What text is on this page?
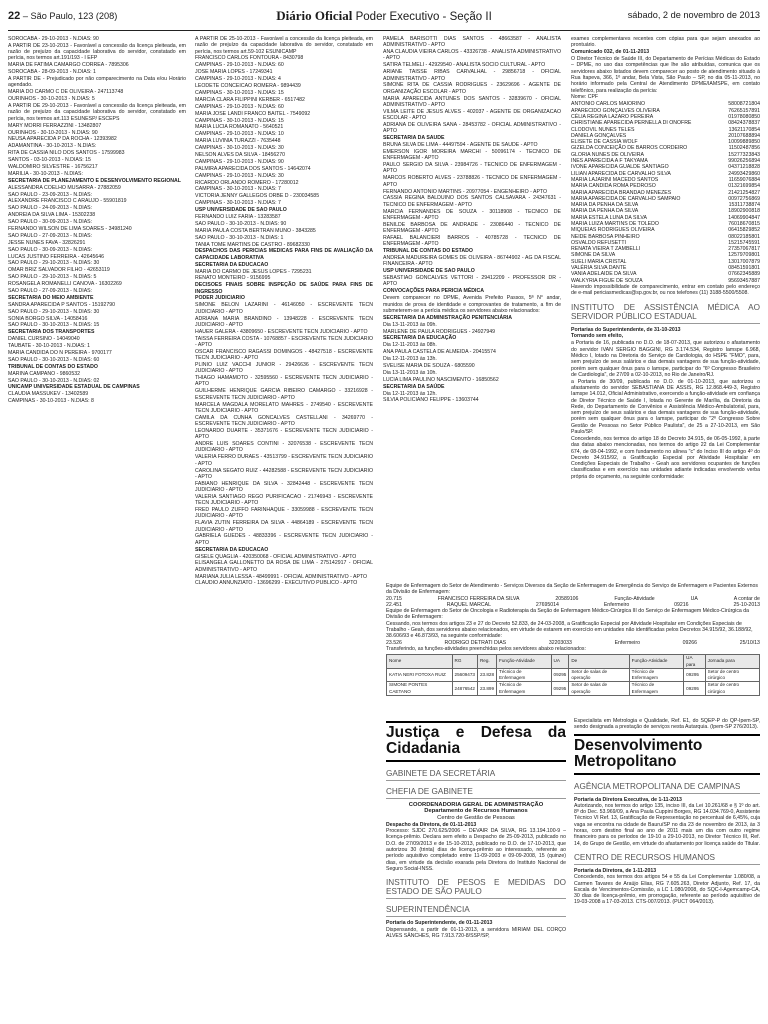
22 – São Paulo, 123 (208)	Diário Oficial Poder Executivo - Seção II	sábado, 2 de novembro de 2013

SOROCABA - 29-10-2013 - N.DIAS: 90

A PARTIR DE 23-10-2013 - Favorável a concessão da licença pleiteada, em razão de prejuízo da capacidade laborativa do servidor, constatado em perícia, nos termos art.191/193 - I EFP

MARIA DE FATIMA CAMARGO CORREA - 7895306

SOROCABA - 28-09-2013 - N.DIAS: 1

A PARTIR DE - Prejudicado por não comparecimento na Data e/ou Horário agendado.

MARIA DO CARMO C DE OLIVEIRA - 247113748

OURINHOS - 30-10-2013 - N.DIAS: 5

A PARTIR DE 29-10-2013 - Favorável a concessão da licença pleiteada, em razão de prejuízo da capacidade laborativa do servidor, constatado em perícia, nos termos art.113 ESUNESP/ ESCEPS

MARY MORRI FERRAZZINI - 13482807

OURINHOS - 30-10-2013 - N.DIAS: 90

NEUSA APARECIDA P DA ROCHA - 12393982

ADAMANTINA - 30-10-2013 - N.DIAS:

RITA DE CASSIA NILO DOS SANTOS - 17599983

SANTOS - 03-10-2013 - N.DIAS: 15

WALDOMIRO SILVESTRE - 16756217

MARILIA - 30-10-2013 - N.DIAS:

SECRETARIA DE PLANEJAMENTO E DESENVOLVIMENTO REGIONAL

ALESSANDRA COELHO MUSARRA - 27882059

SAO PAULO - 23-09-2013 - N.DIAS:

ALEXANDRE FRANCISCO C ARAUJO - 55901819

SAO PAULO - 24-09-2013 - N.DIAS:

ANDREIA DA SILVA LIMA - 15302238

SAO PAULO - 30-09-2013 - N.DIAS:

FERNANDO WILSON DE LIMA SOARES - 34981240

SAO PAULO - 27-09-2013 - N.DIAS:

JESSE NUNES FAVA - 32826291

SAO PAULO - 30-09-2013 - N.DIAS:

LUCAS JUSTINO FERREIRA - 42645646

SAO PAULO - 29-10-2013 - N.DIAS: 30

OMAR BRIZ SALVADOR FILHO - 42653119

SAO PAULO - 29-10-2013 - N.DIAS: 5

ROSANGELA ROMANELLI CANOVA - 16302269

SAO PAULO - 27-09-2013 - N.DIAS:

SECRETARIA DO MEIO AMBIENTE

SANDRA APARECIDA P SANTOS - 15192790

SAO PAULO - 29-10-2013 - N.DIAS: 30

SONIA BORGO SILVA - 14058416

SAO PAULO - 30-10-2013 - N.DIAS: 15

SECRETARIA DOS TRANSPORTES

DANIEL CURSINO - 14049040

TAUBATE - 30-10-2013 - N.DIAS: 1

MARIA CANDIDA DO N PEREIRA - 9700177

SAO PAULO - 30-10-2013 - N.DIAS: 60

TRIBUNAL DE CONTAS DO ESTADO

MARINA CAMPANO - 9860532

SAO PAULO - 30-10-2013 - N.DIAS: 02

UNICAMP UNIVERSIDADE ESTADUAL DE CAMPINAS

CLAUDIA MASSUKEV - 13402589

CAMPINAS - 30-10-2013 - N.DIAS: 8

A PARTIR DE 25-10-2013 - Favorável a concessão da licença pleiteada, em razão de prejuízo da capacidade laborativa do servidor, constatado em perícia, nos termos art.59-102 ESUNICAMP

FRANCISCO CARLOS FONTOURA - 8430798

CAMPINAS - 29-10-2013 - N.DIAS: 60

JOSE MARIA LOPES - 17249341

CAMPINAS - 29-10-2013 - N.DIAS: 4

LEODETE CONCEICAO ROMERA - 9894439

CAMPINAS - 30-10-2013 - N.DIAS: 15

MARCIA CLARA FILIPPINI KERBER - 6517482

CAMPINAS - 29-10-2013 - N.DIAS: 60

MARIA JOSE LANDI FRANCO BAITEL - 7549092

CAMPINAS - 30-10-2013 - N.DIAS: 15

MARIA LUCIA ROMANATO - 5640521

CAMPINAS - 29-10-2013 - N.DIAS: 10

MARIA LUVINIA TURAZZI - 7635448

CAMPINAS - 30-10-2013 - N.DIAS: 30

NELSON ALVES DA SILVA - 18456270

CAMPINAS - 29-10-2013 - N.DIAS: 90

PALMIRA APARECIDA DOS SANTOS - 14642074

CAMPINAS - 29-10-2013 - N.DIAS: 30

RICARDO ORLANDO ROMERO - 17280012

CAMPINAS - 30-10-2013 - N.DIAS: 7

VICTORIA JENNY GALLEGOS ORBE D - 230034585

CAMPINAS - 30-10-2013 - N.DIAS: 7

USP UNIVERSIDADE DE SAO PAULO

FERNANDO LUIZ FARIA - 13283587

SAO PAULO - 30-10-2013 - N.DIAS: 90

MARIA PAULA COSTA BERTRAN MUNO - 3843285

SAO PAULO - 30-10-2013 - N.DIAS: 1

TANIA TOME MARTINS DE CASTRO - 89682330

DESPACHOS DAS PERICIAS MEDICAS PARA FINS DE AVALIAÇÃO DA CAPACIDADE LABORATIVA

SECRETARIA DA EDUCACAO

MARIA DO CARMO DE JESUS LOPES - 7295231

RENATO MONTEIRO - 9156995

DECISOES FINAIS SOBRE INSPEÇÃO DE SAÚDE PARA FINS DE INGRESSO

PODER JUDICIARIO

SIMONE BELON LAZARINI - 46146050 - ESCREVENTE TECN JUDICIARIO - APTO

ADRIANA MARIA BRANDINO - 13948228 - ESCREVENTE TECN JUDICIARIO - APTO

HAUER GALERA - 43809650 - ESCREVENTE TECN JUDICIARIO - APTO

TAISSA FERREIRA COSTA - 10768857 - ESCREVENTE TECN JUDICIARIO - APTO

OSCAR FRANCISCO RAGASSI DOMINGOS - 48427518 - ESCREVENTE TECN JUDICIARIO - APTO

PLINIO LUIZ VACCHI JUNIOR - 29426636 - ESCREVENTE TECN JUDICIARIO - APTO

THIAGO HAMAMOTO - 32595560 - ESCREVENTE TECN JUDICIARIO - APTO

GUILHERME HENRIQUE GARCIA RIBEIRO CAMARGO - 33216928 - ESCREVENTE TECN JUDICIARIO - APTO

MARCELA MAGDALA MORELATO MAHRES - 2749540 - ESCREVENTE TECN JUDICIARIO - APTO

CAMILA DA CUNHA GONCALVES CASTELLANI - 34269770 - ESCREVENTE TECN JUDICIARIO - APTO

LEONARDO DUARTE - 35371676 - ESCREVENTE TECN JUDICIARIO - APTO

ANDRE LUIS SOARES CONTINI - 32076538 - ESCREVENTE TECN JUDICIARIO - APTO

VALERIA FERRO DURAES - 43513799 - ESCREVENTE TECN JUDICIARIO - APTO

CAROLINA SEGATO RUIZ - 44282588 - ESCREVENTE TECN JUDICIARIO - APTO

FABIANO HENRIQUE DA SILVA - 32842448 - ESCREVENTE TECN JUDICIARIO - APTO

VALERIA SANTIAGO REGO PURIFICACAO - 21746943 - ESCREVENTE TECN JUDICIARIO - APTO

FRED PAULO ZUFFO FARINHAQUE - 33059988 - ESCREVENTE TECN JUDICIARIO - APTO

FLAVIA ZUTIN FERREIRA DA SILVA - 44864189 - ESCREVENTE TECN JUDICIARIO - APTO

GABRIELA GUEDES - 48833396 - ESCREVENTE TECN JUDICIARIO - APTO

SECRETARIA DA EDUCACAO

GISELE QUAGLIA - 420350068 - OFICIAL ADMINISTRATIVO - APTO

ELISANGELA GALLONETTO DA ROSA DE LIMA - 275142917 - OFICIAL ADMINISTRATIVO - APTO

MARIANA JULIA LESSA - 48499991 - OFICIAL ADMINISTRATIVO - APTO

CLAUDIO ANNUNZIATO - 13696299 - EXECUTIVO PUBLICO - APTO

PAMELA BARISOTTI DIAS SANTOS - 48663587 - ANALISTA ADMINISTRATIVO - APTO

ANA CLAUDIA VIEIRA CARLOS - 43326738 - ANALISTA ADMINISTRATIVO - APTO

SATIRA TELMELI - 42929540 - ANALISTA SOCIO CULTURAL - APTO

ARIANE TAISSE RIBAS CARVALHAL - 29856718 - OFICIAL ADMINISTRATIVO - APTO

SIMONE RITA DE CASSIA RODRIGUES - 23629696 - AGENTE DE ORGANIZAÇÃO ESCOLAR - APTO

MARIA APARECIDA ANTUNES DOS SANTOS - 32839670 - OFICIAL ADMINISTRATIVO - APTO

VILMA LEITE DE JESUS ALVES - 402037 - AGENTE DE ORGANIZACAO ESCOLAR - APTO

ADRIANA DE OLIVEIRA SANA - 28453782 - OFICIAL ADMINISTRATIVO - APTO

SECRETARIA DA SAUDE

BRUNA SILVA DE LIMA - 44497594 - AGENTE DE SAUDE - APTO

EMERSON IGOR MOREIRA MARCHI - 50096174 - TECNICO DE ENFERMAGEM - APTO

PAULO SERGIO DA SILVA - 23984726 - TECNICO DE ENFERMAGEM - APTO

MARCOS ROBERTO ALVES - 23788826 - TECNICO DE ENFERMAGEM - APTO

FERNANDO ANTONIO MARTINS - 20977054 - ENGENHEIRO - APTO

CASSIA REGINA BALDUINO DOS SANTOS CALSAVARA - 24347631 - TECNICO DE ENFERMAGEM - APTO

MARCIA FERNANDES DE SOUZA - 30118908 - TECNICO DE ENFERMAGEM - APTO

BENILDE BARBOSA DE ANDRADE - 23086440 - TECNICO DE ENFERMAGEM - APTO

RAFAEL BALANCIERI BARROS - 40785728 - TECNICO DE ENFERMAGEM - APTO

TRIBUNAL DE CONTAS DO ESTADO

ANDREA MADUREIRA GOMES DE OLIVEIRA - 86744902 - AG DA FISCAL FINANCEIRA - APTO

USP UNIVERSIDADE DE SAO PAULO

SEBASTIAO GONCALVES VETTORI - 29412209 - PROFESSOR DR - APTO

CONVOCAÇÕES PARA PERICIA MÉDICA

Devem comparecer no DPME, Avenida Prefeito Passos, 5ª N° andar, munidos de prova de identidade e comprovantes de tratamento, a fim de submeterem-se a perícia médica os servidores abaixo relacionados:

SECRETARIA DA ADMINISTRAÇÃO PENITENCIÁRIA

Dia 13-11-2013 às 09h.

MARLENE DE PAULA RODRIGUES - 24927949

SECRETARIA DA EDUCAÇÃO

Dia 12-11-2013 às 08h.

ANA PAULA CASTELA DE ALMEIDA - 20415574

Dia 12-11-2013 às 13h.

SVELISE MARIA DE SOUZA - 6805590

Dia 13-11-2013 às 10h.

LUCIA LIMA PAULINO NASCIMENTO - 16850562

SECRETARIA DA SAÚDE

Dia 12-11-2013 às 12h.

SILVIA POLICIANO FELIPPE - 13603744

exames complementares recentes com cópias para que sejam anexados ao prontuário.

Comunicado 032, de 01-11-2013

O Diretor Técnico de Saúde III, do Departamento de Perícias Médicas do Estado – DPME, no uso das competências que lhe são atribuídas, comunica que os servidores abaixo listados devem comparecer ao posto de atendimento situado à Rua Itapeva, 366, 1º andar, Bela Vista, São Paulo – SP, no dia 05-11-2013, no horário informado pela Central de Atendimento DPME/IAMSPE, em contato telefônico, para realização da perícia:

Nome: CPF

ANTONIO CARLOS MAIORINO	58008721804
APARECIDO GONÇALVES OLIVEIRA	76265157891
CÉLIA REGINA LAZARO PEREIRA	01978080850
CHRISTIANE APARECIDA PERNELLA DI ONOFRE	08424378837
CLODOVIL NUNES TELES	13621170854
DANIELA GONÇALVES	20107688894
ELISETE DE CASSIA WOLF	10099889850
GIZELDA CONCEIÇÃO DE BARROS CORDEIRO	11502487856
GLORIA NUNES DE OLIVEIRA	15277323843
INES APARECIDA A F TAKYAMA	99026256894
IVONE APARECIDA GUALDE SANTIAGO	04371218828
LILIAN APARECIDA DE CARVALHO SILVA	24993429860
MARIA LAJARINI MACEDO SANTOS	11659076884
MARIA CANDIDA ROMA PEDROSO	01321699854
MARIA APARECIDA BRANDAO MENEZES	21421254827
MARIA APARECIDA DE CARVALHO SAMPAIO	00972756869
MARIA DA PENHA DA SILVA	15311738874
MARIA DA PENHA DA SILVA	18902900818
MARIA ESTELA LUNA DA SILVA	14069904847
MARIA LUIZA MARTINS DE TOLEDO	76018670815
MIQUEIAS RODRIGUES OLIVEIRA	06415829852
NEIDE BARBOSA PINHEIRO	08022185801
OSVALDO REFUSETTI	15215745591
RENATA VIEIRA T ZAMBELLI	27357067817
SIMONE DA SILVA	12579709801
SUELI MARIA CRISTAL	13017007879
VALÉRIA SILVA DANTE	08451591801
VANIA ADELAIDE DA SILVA	07662345889
WALKYRIA FIGUE DE SOUZA	95693457887

Havendo impossibilidade de comparecimento, entrar em contato pelo endereço de e-mail periciasmedicas@sp.gov.br, ou nos telefones (11) 3188-5500/5508.

INSTITUTO DE ASSISTÊNCIA MÉDICA AO SERVIDOR PÚBLICO ESTADUAL

Portarias do Superintendente, de 31-10-2013

Tornando sem efeito,

a Portaria de 16, publicada no D.O. de 18-07-2013, que autorizou o afastamento do servidor IVAN SERGIO BAGGINI, RG 3.174.534, Registro Iamspe 6.968, Médico I, lotado na Diretoria do Serviço de Cardiologia, do HSPE "FMO", para, sem prejuízo de seus salários e das demais vantagens de sua função-atividade, porém sem qualquer ônus para o Iamspe, participar do "6º Congresso Brasileiro de Cardiologia", de 27/09 a 02-10-2013, no Rio de Janeiro/RJ.

a Portaria de 30/09, publicada no D.O. de 01-10-2013, que autorizou o afastamento do servidor SEBASTIANA DE ASSIS, RG 12.868.449-3, Registro Iamspe 14.012, Oficial Administrativo, exercendo a função-atividade em confiança de Diretor Técnico de Saúde I, lotada no Gerente de Marília, da Diretoria da Rede, do Departamento de Convênios e Assistência Médico-Ambulatorial, para, sem prejuízo de seus salários e das demais vantagens de sua função-atividade, porém sem qualquer ônus para o Iamspe, participar do "2º Congresso Sobre Gestão de Pessoas no Setor Público Paulista", de 25 a 27-10-2013, em São Paulo/SP.

Concedendo, nos termos do artigo 18 do Decreto 34.915, de 06-05-1992, à parte das datas abaixo mencionadas, nos termos do artigo 22 da Lei Complementar 674, de 08-04-1992, e com fundamento no alínea "c" do Inciso III do artigo 4º do Decreto 34.915/92, a Gratificação Especial por Atividade Hospitalar em Condições Especiais de Trabalho - Geah aos servidores ocupantes de funções classificadas e em exercício nas unidades adiante indicadas envolvendo verba própria do orçamento, na seguinte conformidade:

Equipe de Enfermagem do Setor de Atendimento - Serviços Diversos da Seção de Enfermagem de Emergência do Serviço de Enfermagem e Pacientes Externos da Divisão de Enfermagem:

20.715	FRANCISCO FERREIRA DA SILVA	20589106	Função-Atividade	UA	A contar de
22.451	RAQUEL MARCAL	27695014	Enfermeiro	09216	25-10-2013

Equipe de Enfermagem do Setor de Oncologia e Radioterapia da Seção de Enfermagem Médico-Cirúrgica III do Serviço de Enfermagem Médico-Cirúrgica da Divisão de Enfermagem:

Cessando, nos termos dos artigos 23 e 27 do Decreto 52.833, de 24-03-2008, a Gratificação Especial por Atividade Hospitalar em Condições Especiais de Trabalho - Geah, dos servidores abaixo relacionados, em virtude de estarem em exercício em unidades não identificadas pelos Decretos 34.915/92, 36.188/92, 38.606/93 e 46.873/93, na seguinte conformidade:

23.526	RODRIGO DETRATI DIAS	32203033	Enfermeiro	09266	25/10/13

Transferindo, as funções-atividades preenchidas pelos servidores abaixo relacionados:

Nome	RG	Reg.	Função-Atividade	UA	De	Função-Atividade	UA para	Jornada para
KATIA NERI FOTOXA RUIZ	25609473	23.828	Técnico de Enfermagem	09295	Setor de salas de operação	Técnico de Enfermagem	09295	Setor de centro cirúrgico
SIMONE PONTES CAETANO	24876542	23.899	Técnico de Enfermagem	09295	Setor de salas de operação	Técnico de Enfermagem	09295	Setor de centro cirúrgico
Justiça e Defesa da Cidadania
GABINETE DA SECRETÁRIA
CHEFIA DE GABINETE
COORDENADORIA GERAL DE ADMINISTRAÇÃO
Departamento de Recursos Humanos
Centro de Gestão de Pessoas

Despacho da Diretora, de 01-11-2013

Processo: SJDC 270.625/2006 – DEVAIR DA SILVA, RG 13.194.100-9 – licença-prêmio. Declara sem efeito a Despacho de 25-09-2013, publicado no D.O. de 27/09/2013 e de 15-10-2013, publicado no D.O. de 17-10-2013, que autorizou 30 (trinta) dias de licença-prêmio ao interessado, referente ao período aquisitivo completado entre 11-09-2003 e 09-09-2008, 15 (quinze) dias, em virtude da decisão exarada pela Diretora do Instituto Nacional de Seguro Social-INSS.

INSTITUTO DE PESOS E MEDIDAS DO ESTADO DE SÃO PAULO
SUPERINTENDÊNCIA

Portaria do Superintendente, de 01-11-2013

Dispensando, a partir de 01-11-2013, a servidora MIRIAM DEL CORÇO ALVES SÂNCHES, RG 7.913.720-8/SSP/SP,

Especialista em Metrologia e Qualidade, Ref. E1, do SQEP-P do QP-Ipem-SP, sendo designada a prestação de serviços nesta Autarquia. (Ipem-SP 276/2013).

Desenvolvimento Metropolitano
AGÊNCIA METROPOLITANA DE CAMPINAS

Portaria da Diretora Executiva, de 1-11-2013

Autorizando, nos termos do artigo 135, inciso III, da Lei 10.261/68 e § 1º do art. 8º do Dec. 53.969/09, a Ana Paula Cuppini Borges, RG 14.034.769-0, Assistente Técnico VI Ref. 13, Gratificação de Representação no percentual de 6,45%, cuja vaga se encontra na cidade de Bauru/SP no dia 23 de novembro de 2013, às 3 horas, com destino final ao ano de 2011 mais um dia com outro regime financeiro para os períodos de 19-10 a 29-10-2013, no Diretor Técnico III, Ref. 14, do Grupo de Gestão, em virtude do afastamento por licença saúde do Titular.

CENTRO DE RECURSOS HUMANOS

Portaria da Diretora, de 1-11-2013

Concedendo, nos termos dos artigos 54 e 55 da Lei Complementar 1.080/08, a Carmen Tavares de Araújo Elias, RG 7.605.263, Diretor Adjunto, Ref. 17, da Escala de Vencimentos-Comissão, a LC 1.080/2008, do SQC-I-Agemcamp-CA, 30 dias de licença-prêmio, em prorrogação, referente ao período aquisitivo de 19-03-2008 a 17-03-2013. CTS-007/2013. (PUCT 064/2013).
